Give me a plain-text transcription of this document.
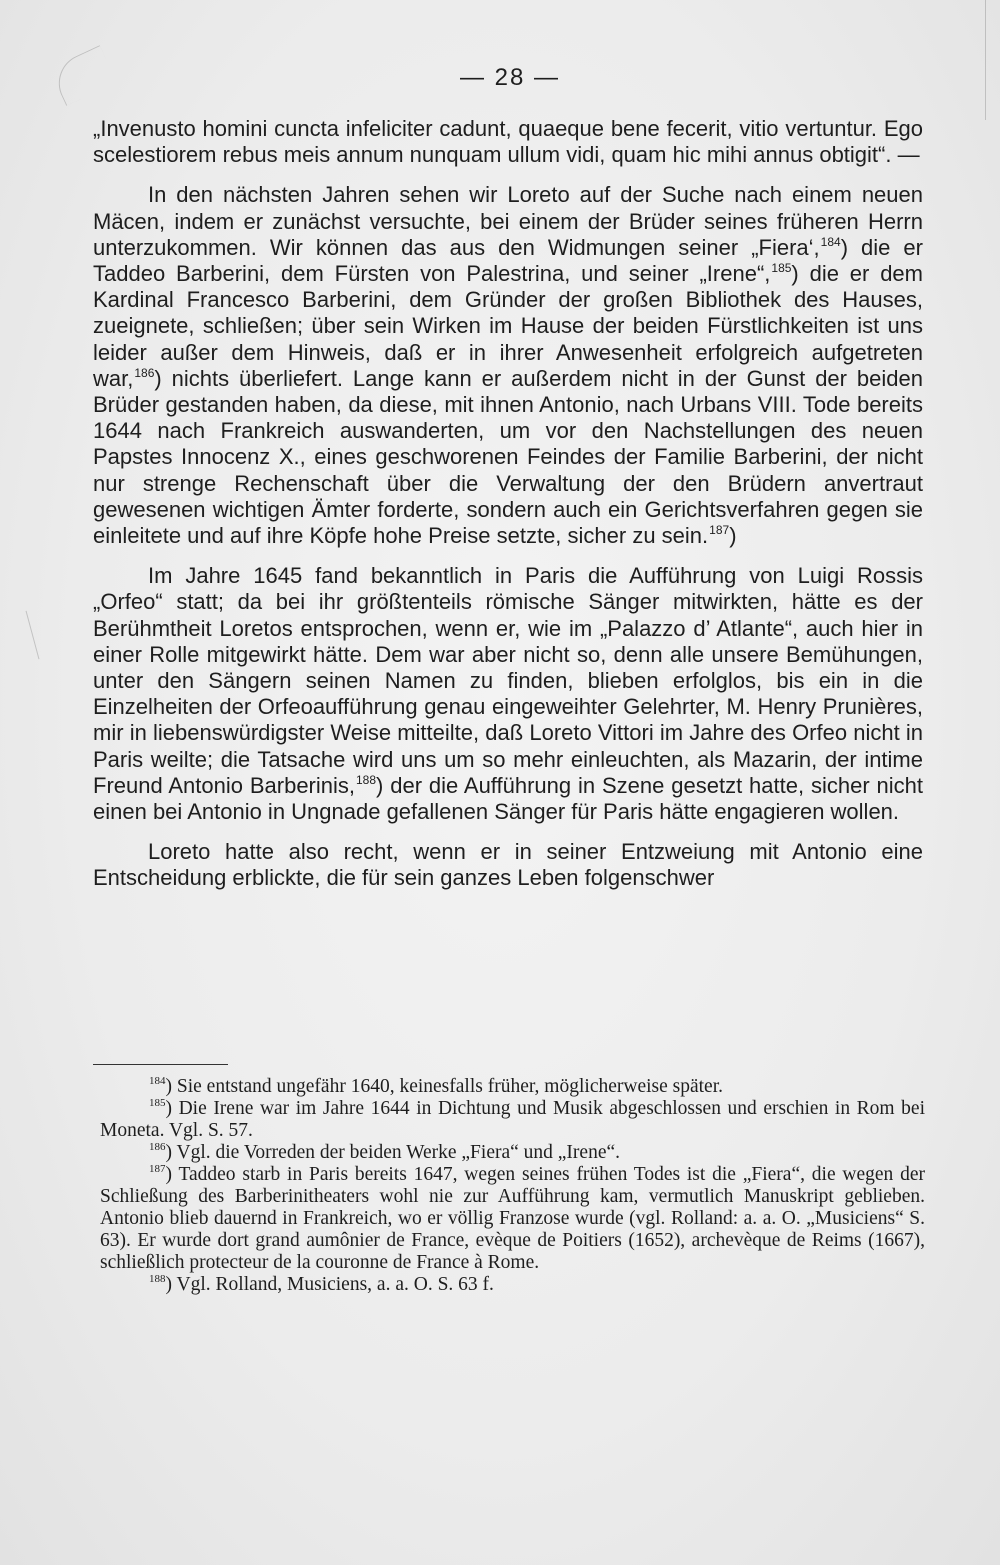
— 28 —

„Invenusto homini cuncta infeliciter cadunt, quaeque bene fecerit, vitio vertuntur. Ego scelestiorem rebus meis annum nunquam ullum vidi, quam hic mihi annus obtigit“. —

In den nächsten Jahren sehen wir Loreto auf der Suche nach einem neuen Mäcen, indem er zunächst versuchte, bei einem der Brüder seines früheren Herrn unterzukommen. Wir können das aus den Widmungen seiner „Fiera‘,$^{184}$) die er Taddeo Barberini, dem Fürsten von Palestrina, und seiner „Irene“,$^{185}$) die er dem Kardinal Francesco Barberini, dem Gründer der großen Bibliothek des Hauses, zueignete, schließen; über sein Wirken im Hause der beiden Fürstlichkeiten ist uns leider außer dem Hinweis, daß er in ihrer Anwesenheit erfolgreich aufgetreten war,$^{186}$) nichts überliefert. Lange kann er außerdem nicht in der Gunst der beiden Brüder gestanden haben, da diese, mit ihnen Antonio, nach Urbans VIII. Tode bereits 1644 nach Frankreich auswanderten, um vor den Nachstellungen des neuen Papstes Innocenz X., eines geschworenen Feindes der Familie Barberini, der nicht nur strenge Rechenschaft über die Verwaltung der den Brüdern anvertraut gewesenen wichtigen Ämter forderte, sondern auch ein Gerichtsverfahren gegen sie einleitete und auf ihre Köpfe hohe Preise setzte, sicher zu sein.$^{187}$)

Im Jahre 1645 fand bekanntlich in Paris die Aufführung von Luigi Rossis „Orfeo“ statt; da bei ihr größtenteils römische Sänger mitwirkten, hätte es der Berühmtheit Loretos entsprochen, wenn er, wie im „Palazzo d’ Atlante“, auch hier in einer Rolle mitgewirkt hätte. Dem war aber nicht so, denn alle unsere Bemühungen, unter den Sängern seinen Namen zu finden, blieben erfolglos, bis ein in die Einzelheiten der Orfeoaufführung genau eingeweihter Gelehrter, M. Henry Prunières, mir in liebenswürdigster Weise mitteilte, daß Loreto Vittori im Jahre des Orfeo nicht in Paris weilte; die Tatsache wird uns um so mehr einleuchten, als Mazarin, der intime Freund Antonio Barberinis,$^{188}$) der die Aufführung in Szene gesetzt hatte, sicher nicht einen bei Antonio in Ungnade gefallenen Sänger für Paris hätte engagieren wollen.

Loreto hatte also recht, wenn er in seiner Entzweiung mit Antonio eine Entscheidung erblickte, die für sein ganzes Leben folgenschwer

$^{184}$) Sie entstand ungefähr 1640, keinesfalls früher, möglicherweise später.

$^{185}$) Die Irene war im Jahre 1644 in Dichtung und Musik abgeschlossen und erschien in Rom bei Moneta. Vgl. S. 57.

$^{186}$) Vgl. die Vorreden der beiden Werke „Fiera“ und „Irene“.

$^{187}$) Taddeo starb in Paris bereits 1647, wegen seines frühen Todes ist die „Fiera“, die wegen der Schließung des Barberinitheaters wohl nie zur Aufführung kam, vermutlich Manuskript geblieben. Antonio blieb dauernd in Frankreich, wo er völlig Franzose wurde (vgl. Rolland: a. a. O. „Musiciens“ S. 63). Er wurde dort grand aumônier de France, evèque de Poitiers (1652), archevèque de Reims (1667), schließlich protecteur de la couronne de France à Rome.

$^{188}$) Vgl. Rolland, Musiciens, a. a. O. S. 63 f.
